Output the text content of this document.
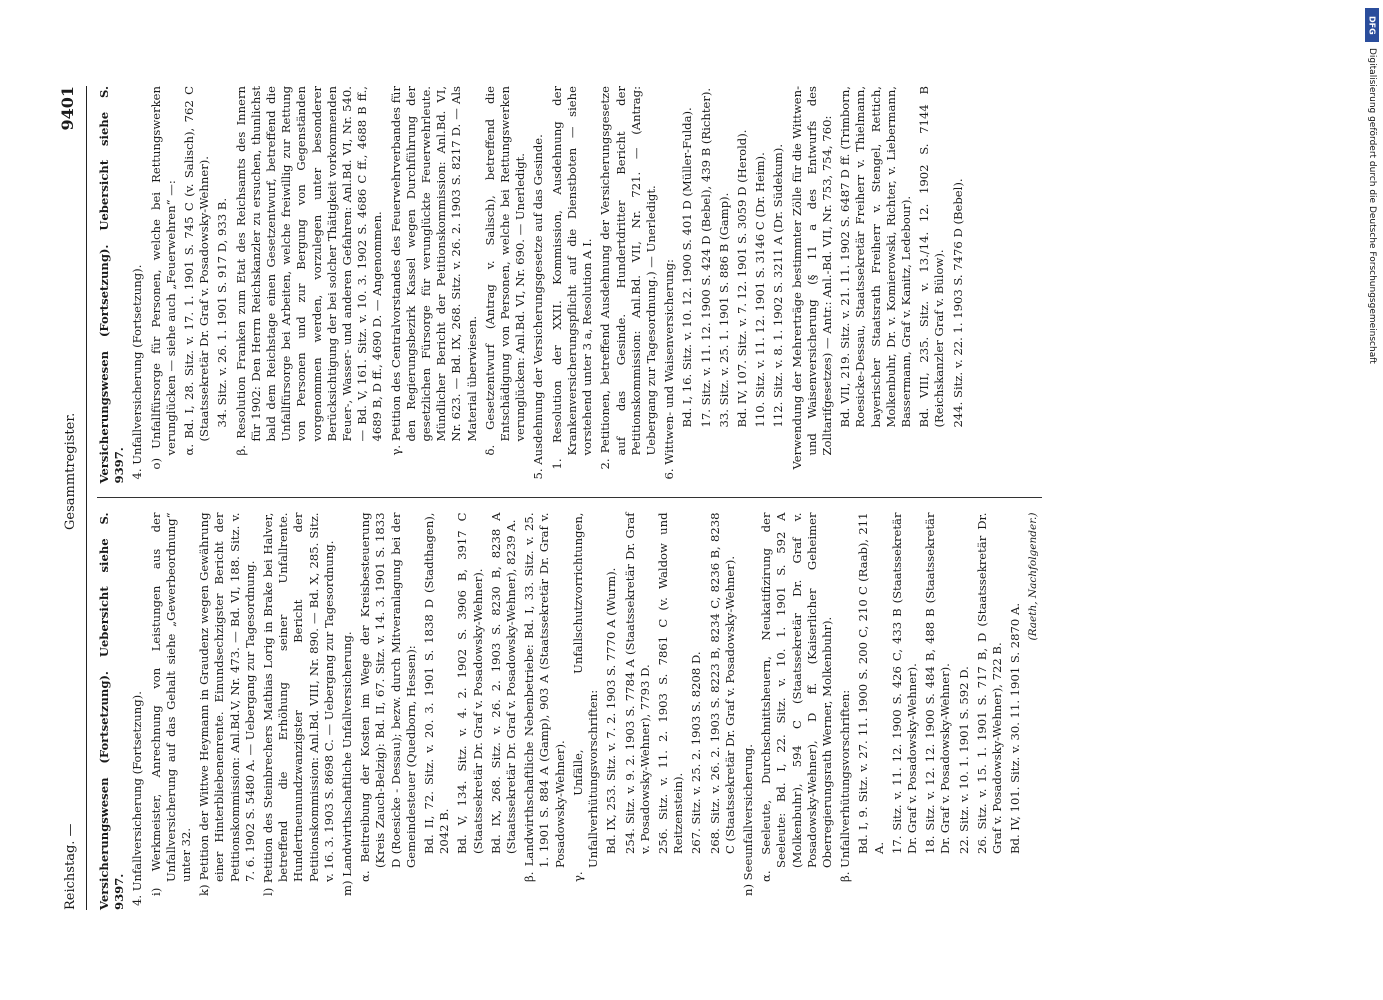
Reichstag. —
Gesammtregister.
9401

Versicherungswesen (Fortsetzung). Uebersicht siehe S. 9397. 4. Unfallversicherung (Fortsetzung). i) Werkmeister, Anrechnung von Leistungen aus der Unfallversicherung auf das Gehalt siehe „Gewerbeordnung“ unter 32. k) Petition der Wittwe Heymann in Graudenz wegen Gewährung einer Hinterbliebenenrente. Einundsechzigster Bericht der Petitionskommission: Anl.Bd.V, Nr. 473. — Bd. VI, 188. Sitz. v. 7. 6. 1902 S. 5480 A. — Uebergang zur Tagesordnung. l) Petition des Steinbrechers Mathias Lorig in Brake bei Halver, betreffend die Erhöhung seiner Unfallrente. Hundertneunundzwanzigster Bericht der Petitionskommission: Anl.Bd. VIII, Nr. 890. — Bd. X, 285. Sitz. v. 16. 3. 1903 S. 8698 C. — Uebergang zur Tagesordnung. m) Landwirthschaftliche Unfallversicherung. α. Beitreibung der Kosten im Wege der Kreisbesteuerung (Kreis Zauch-Belzig): Bd. II, 67. Sitz. v. 14. 3. 1901 S. 1833 D (Roesicke - Dessau); bezw. durch Mitveranlagung bei der Gemeindesteuer (Quedborn, Hessen): Bd. II, 72. Sitz. v. 20. 3. 1901 S. 1838 D (Stadthagen), 2042 B. Bd. V, 134. Sitz. v. 4. 2. 1902 S. 3906 B, 3917 C (Staatssekretär Dr. Graf v. Posadowsky-Wehner). Bd. IX, 268. Sitz. v. 26. 2. 1903 S. 8230 B, 8238 A (Staatssekretär Dr. Graf v. Posadowsky-Wehner), 8239 A. β. Landwirthschaftliche Nebenbetriebe: Bd. I, 33. Sitz. v. 25. 1. 1901 S. 884 A (Gamp), 903 A (Staatssekretär Dr. Graf v. Posadowsky-Wehner). γ. Unfälle, Unfallschutzvorrichtungen, Unfallverhütungsvorschriften: Bd. IX, 253. Sitz. v. 7. 2. 1903 S. 7770 A (Wurm). 254. Sitz. v. 9. 2. 1903 S. 7784 A (Staatssekretär Dr. Graf v. Posadowsky-Wehner), 7793 D. 256. Sitz. v. 11. 2. 1903 S. 7861 C (v. Waldow und Reitzenstein). 267. Sitz. v. 25. 2. 1903 S. 8208 D. 268. Sitz. v. 26. 2. 1903 S. 8223 B, 8234 C, 8236 B, 8238 C (Staatssekretär Dr. Graf v. Posadowsky-Wehner). n) Seeunfallversicherung. α. Seeleute, Durchschnittsheuern, Neukatifizirung der Seeleute: Bd. I, 22. Sitz. v. 10. 1. 1901 S. 592 A (Molkenbuhr), 594 C (Staatssekretär Dr. Graf v. Posadowsky-Wehner), D ff. (Kaiserlicher Geheimer Oberregierungsrath Werner, Molkenbuhr). β. Unfallverhütungsvorschriften: Bd. I, 9. Sitz. v. 27. 11. 1900 S. 200 C, 210 C (Raab), 211 A. 17. Sitz. v. 11. 12. 1900 S. 426 C, 433 B (Staatssekretär Dr. Graf v. Posadowsky-Wehner). 18. Sitz. v. 12. 12. 1900 S. 484 B, 488 B (Staatssekretär Dr. Graf v. Posadowsky-Wehner). 22. Sitz. v. 10. 1. 1901 S. 592 D. 26. Sitz. v. 15. 1. 1901 S. 717 B, D (Staatssekretär Dr. Graf v. Posadowsky-Wehner), 722 B. Bd. IV, 101. Sitz. v. 30. 11. 1901 S. 2870 A.

(Raeth, Nachfolgender.)

Versicherungswesen (Fortsetzung). Uebersicht siehe S. 9397. 4. Unfallversicherung (Fortsetzung). o) Unfallfürsorge für Personen, welche bei Rettungswerken verunglücken — siehe auch „Feuerwehren“ —: α. Bd. I, 28. Sitz. v. 17. 1. 1901 S. 745 C (v. Salisch), 762 C (Staatssekretär Dr. Graf v. Posadowsky-Wehner). 34. Sitz. v. 26. 1. 1901 S. 917 D, 933 B. β. Resolution Franken zum Etat des Reichsamts des Innern für 1902: Den Herrn Reichskanzler zu ersuchen, thunlichst bald dem Reichstage einen Gesetzentwurf, betreffend die Unfallfürsorge bei Arbeiten, welche freiwillig zur Rettung von Personen und zur Bergung von Gegenständen vorgenommen werden, vorzulegen unter besonderer Berücksichtigung der bei solcher Thätigkeit vorkommenden Feuer-, Wasser- und anderen Gefahren: Anl.Bd. VI, Nr. 540. — Bd. V, 161. Sitz. v. 10. 3. 1902 S. 4686 C ff., 4688 B ff., 4689 B, D ff., 4690 D. — Angenommen. γ. Petition des Centralvorstandes des Feuerwehrverbandes für den Regierungsbezirk Kassel wegen Durchführung der gesetzlichen Fürsorge für verunglückte Feuerwehrleute. Mündlicher Bericht der Petitionskommission: Anl.Bd. VI, Nr. 623. — Bd. IX, 268. Sitz. v. 26. 2. 1903 S. 8217 D. — Als Material überwiesen. δ. Gesetzentwurf (Antrag v. Salisch), betreffend die Entschädigung von Personen, welche bei Rettungswerken verunglücken: Anl.Bd. VI, Nr. 690. — Unerledigt. 5. Ausdehnung der Versicherungsgesetze auf das Gesinde. 1. Resolution der XXII. Kommission, Ausdehnung der Krankenversicherungspflicht auf die Dienstboten — siehe vorstehend unter 3 a, Resolution A I. 2. Petitionen, betreffend Ausdehnung der Versicherungsgesetze auf das Gesinde. Hundertdritter Bericht der Petitionskommission: Anl.Bd. VII, Nr. 721. — (Antrag: Uebergang zur Tagesordnung.) — Unerledigt. 6. Wittwen- und Waisenversicherung: Bd. I, 16. Sitz. v. 10. 12. 1900 S. 401 D (Müller-Fulda). 17. Sitz. v. 11. 12. 1900 S. 424 D (Bebel), 439 B (Richter). 33. Sitz. v. 25. 1. 1901 S. 886 B (Gamp). Bd. IV, 107. Sitz. v. 7. 12. 1901 S. 3059 D (Herold). 110. Sitz. v. 11. 12. 1901 S. 3146 C (Dr. Heim). 112. Sitz. v. 8. 1. 1902 S. 3211 A (Dr. Südekum). Verwendung der Mehrerträge bestimmter Zölle für die Wittwen- und Waisenversicherung (§ 11 a des Entwurfs des Zolltarifgesetzes) — Antr.: Anl.-Bd. VII, Nr. 753, 754, 760: Bd. VII, 219. Sitz. v. 21. 11. 1902 S. 6487 D ff. (Trimborn, Roesicke-Dessau, Staatssekretär Freiherr v. Thielmann, bayerischer Staatsrath Freiherr v. Stengel, Rettich, Molkenbuhr, Dr. v. Komierowski, Richter, v. Liebermann, Bassermann, Graf v. Kanitz, Ledebour). Bd. VIII, 235. Sitz. v. 13./14. 12. 1902 S. 7144 B (Reichskanzler Graf v. Bülow). 244. Sitz. v. 22. 1. 1903 S. 7476 D (Bebel).

DFG
Digitalisierung gefördert durch die Deutsche Forschungsgemeinschaft
